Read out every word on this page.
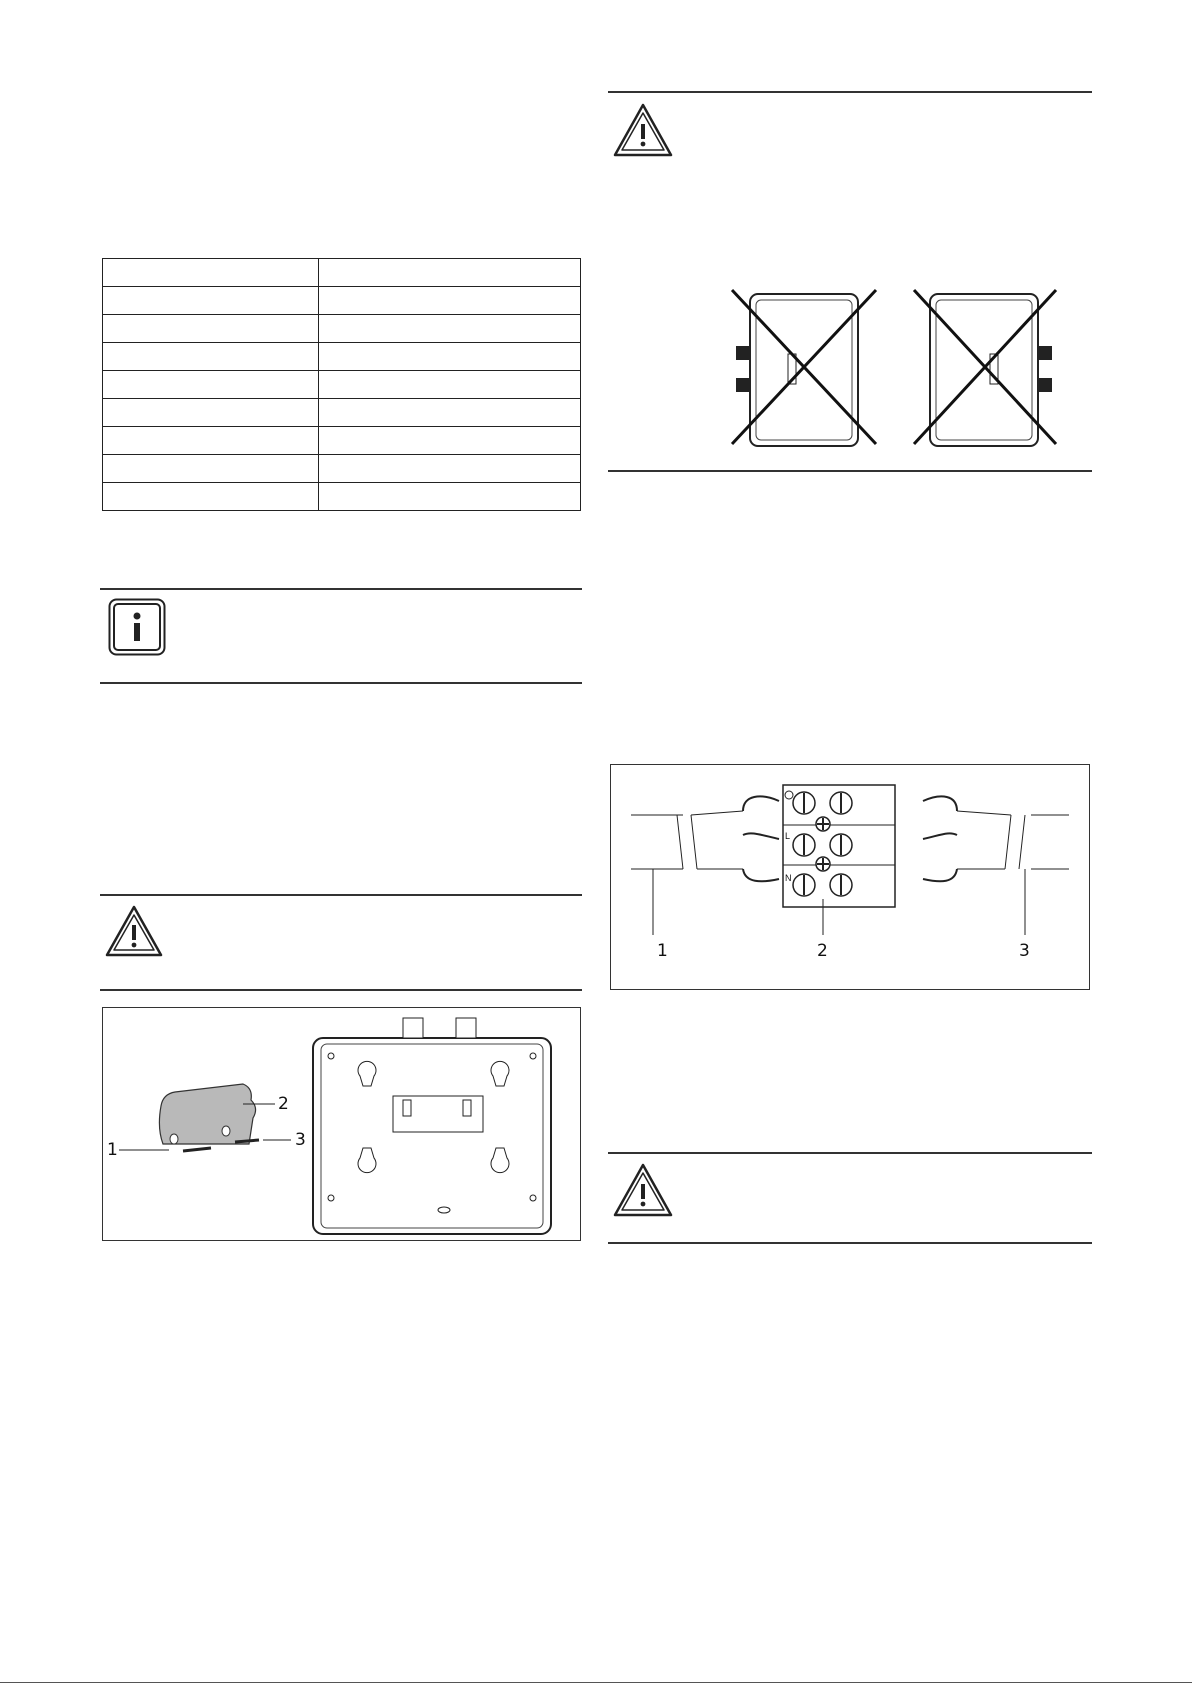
1
2
3
L
N
1	2	3
